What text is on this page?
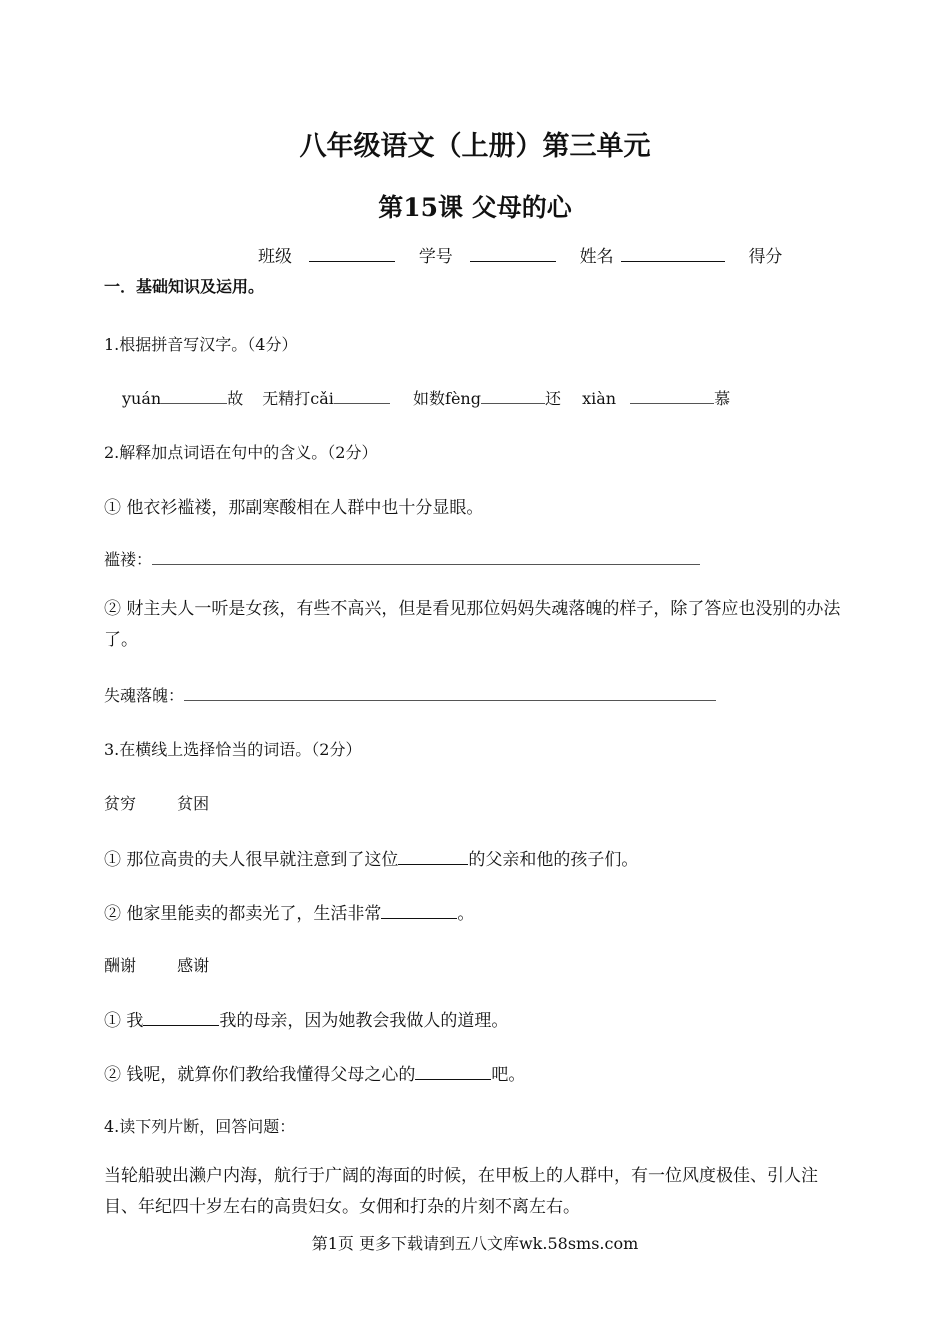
八年级语文（上册）第三单元
第15课 父母的心
班级	学号	姓名	得分
一．基础知识及运用。
1.根据拼音写汉字。（4分）
yuán	故 无精打cǎi	如数fèng	还 xiàn	慕
2.解释加点词语在句中的含义。（2分）
① 他衣衫褴褛，那副寒酸相在人群中也十分显眼。
褴褛：
② 财主夫人一听是女孩，有些不高兴，但是看见那位妈妈失魂落魄的样子，除了答应也没别的办法了。
失魂落魄：
3.在横线上选择恰当的词语。（2分）
贫穷	贫困
① 那位高贵的夫人很早就注意到了这位	的父亲和他的孩子们。
② 他家里能卖的都卖光了，生活非常	。
酬谢	感谢
① 我	我的母亲，因为她教会我做人的道理。
② 钱呢，就算你们教给我懂得父母之心的	吧。
4.读下列片断，回答问题：
当轮船驶出濑户内海，航行于广阔的海面的时候，在甲板上的人群中，有一位风度极佳、引人注目、年纪四十岁左右的高贵妇女。女佣和打杂的片刻不离左右。
第1页 更多下载请到五八文库wk.58sms.com
